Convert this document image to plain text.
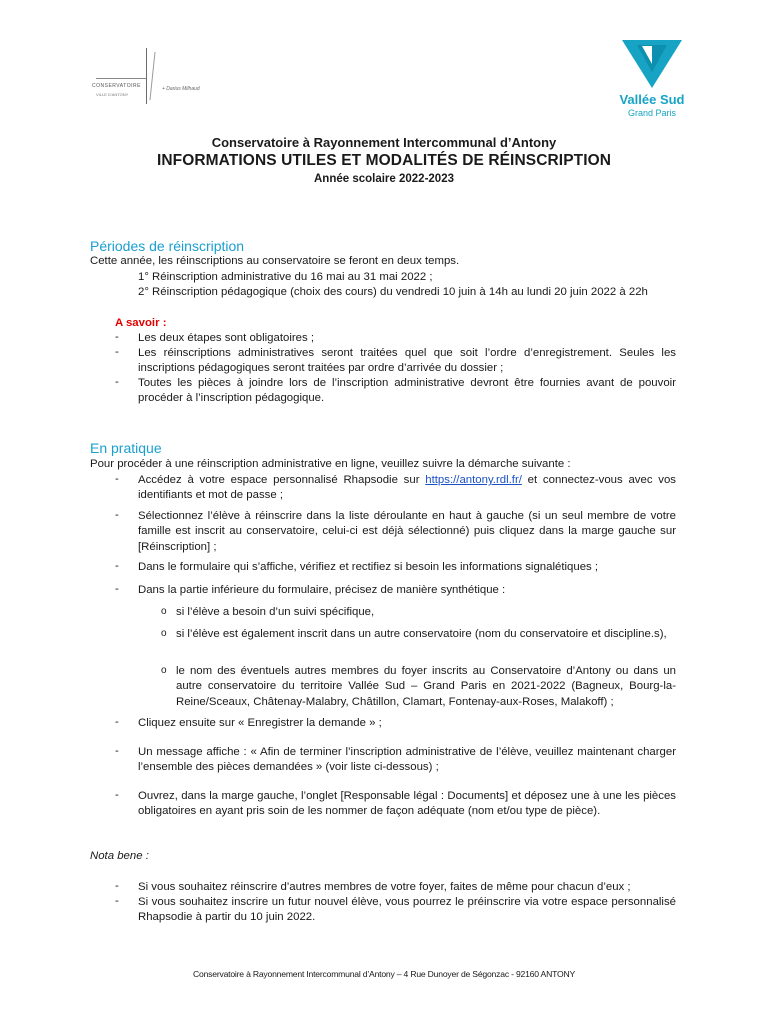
CONSERVATOIRE
VILLE D'ANTONY
+ Darius Milhaud
Vallée Sud
Grand Paris
Conservatoire à Rayonnement Intercommunal d’Antony
INFORMATIONS UTILES ET MODALITÉS DE RÉINSCRIPTION
Année scolaire 2022-2023
Périodes de réinscription
Cette année, les réinscriptions au conservatoire se feront en deux temps.
1° Réinscription administrative du 16 mai au 31 mai 2022 ;
2° Réinscription pédagogique (choix des cours) du vendredi 10 juin à 14h au lundi 20 juin 2022 à 22h
A savoir :
- Les deux étapes sont obligatoires ;
- Les réinscriptions administratives seront traitées quel que soit l’ordre d’enregistrement. Seules les inscriptions pédagogiques seront traitées par ordre d’arrivée du dossier ;
- Toutes les pièces à joindre lors de l’inscription administrative devront être fournies avant de pouvoir procéder à l’inscription pédagogique.
En pratique
Pour procéder à une réinscription administrative en ligne, veuillez suivre la démarche suivante :
- Accédez à votre espace personnalisé Rhapsodie sur https://antony.rdl.fr/ et connectez-vous avec vos identifiants et mot de passe ;
- Sélectionnez l’élève à réinscrire dans la liste déroulante en haut à gauche (si un seul membre de votre famille est inscrit au conservatoire, celui-ci est déjà sélectionné) puis cliquez dans la marge gauche sur [Réinscription] ;
- Dans le formulaire qui s’affiche, vérifiez et rectifiez si besoin les informations signalétiques ;
- Dans la partie inférieure du formulaire, précisez de manière synthétique :
o si l’élève a besoin d’un suivi spécifique,
o si l’élève est également inscrit dans un autre conservatoire (nom du conservatoire et discipline.s),
o le nom des éventuels autres membres du foyer inscrits au Conservatoire d’Antony ou dans un autre conservatoire du territoire Vallée Sud – Grand Paris en 2021-2022 (Bagneux, Bourg-la-Reine/Sceaux, Châtenay-Malabry, Châtillon, Clamart, Fontenay-aux-Roses, Malakoff) ;
- Cliquez ensuite sur « Enregistrer la demande » ;
- Un message affiche : « Afin de terminer l’inscription administrative de l’élève, veuillez maintenant charger l’ensemble des pièces demandées » (voir liste ci-dessous) ;
- Ouvrez, dans la marge gauche, l’onglet [Responsable légal : Documents] et déposez une à une les pièces obligatoires en ayant pris soin de les nommer de façon adéquate (nom et/ou type de pièce).
Nota bene :
- Si vous souhaitez réinscrire d’autres membres de votre foyer, faites de même pour chacun d’eux ;
- Si vous souhaitez inscrire un futur nouvel élève, vous pourrez le préinscrire via votre espace personnalisé Rhapsodie à partir du 10 juin 2022.
Conservatoire à Rayonnement Intercommunal d’Antony – 4 Rue Dunoyer de Ségonzac - 92160 ANTONY
